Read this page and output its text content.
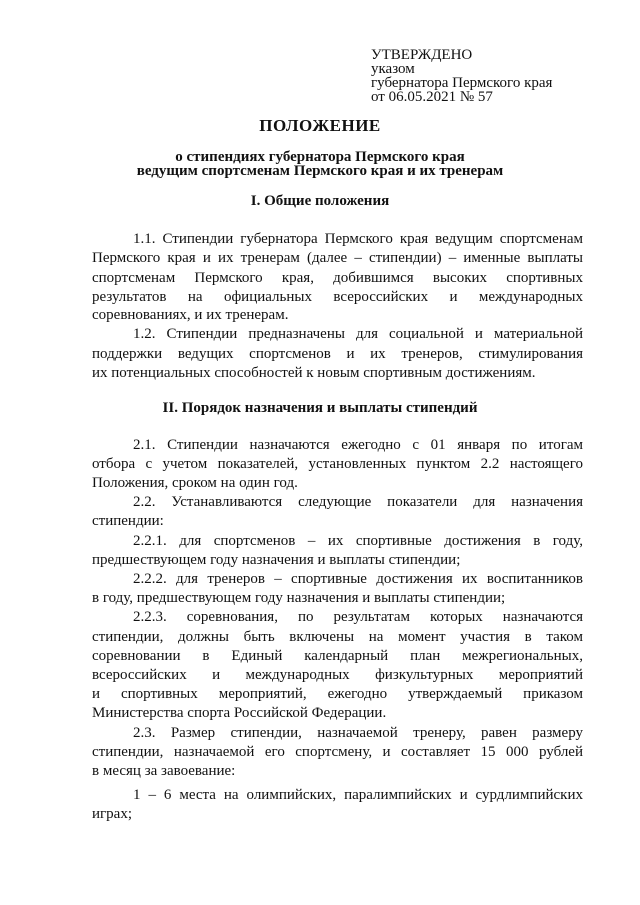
УТВЕРЖДЕНО
указом
губернатора Пермского края
от 06.05.2021 № 57
ПОЛОЖЕНИЕ
о стипендиях губернатора Пермского края
ведущим спортсменам Пермского края и их тренерам
I. Общие положения
1.1. Стипендии губернатора Пермского края ведущим спортсменам
Пермского края и их тренерам (далее – стипендии) – именные выплаты
спортсменам Пермского края, добившимся высоких спортивных
результатов на официальных всероссийских и международных
соревнованиях, и их тренерам.
1.2. Стипендии предназначены для социальной и материальной
поддержки ведущих спортсменов и их тренеров, стимулирования
их потенциальных способностей к новым спортивным достижениям.
II. Порядок назначения и выплаты стипендий
2.1. Стипендии назначаются ежегодно с 01 января по итогам
отбора с учетом показателей, установленных пунктом 2.2 настоящего
Положения, сроком на один год.
2.2. Устанавливаются следующие показатели для назначения
стипендии:
2.2.1. для спортсменов – их спортивные достижения в году,
предшествующем году назначения и выплаты стипендии;
2.2.2. для тренеров – спортивные достижения их воспитанников
в году, предшествующем году назначения и выплаты стипендии;
2.2.3. соревнования, по результатам которых назначаются
стипендии, должны быть включены на момент участия в таком
соревновании в Единый календарный план межрегиональных,
всероссийских и международных физкультурных мероприятий
и спортивных мероприятий, ежегодно утверждаемый приказом
Министерства спорта Российской Федерации.
2.3. Размер стипендии, назначаемой тренеру, равен размеру
стипендии, назначаемой его спортсмену, и составляет 15 000 рублей
в месяц за завоевание:
1 – 6 места на олимпийских, паралимпийских и сурдлимпийских
играх;
